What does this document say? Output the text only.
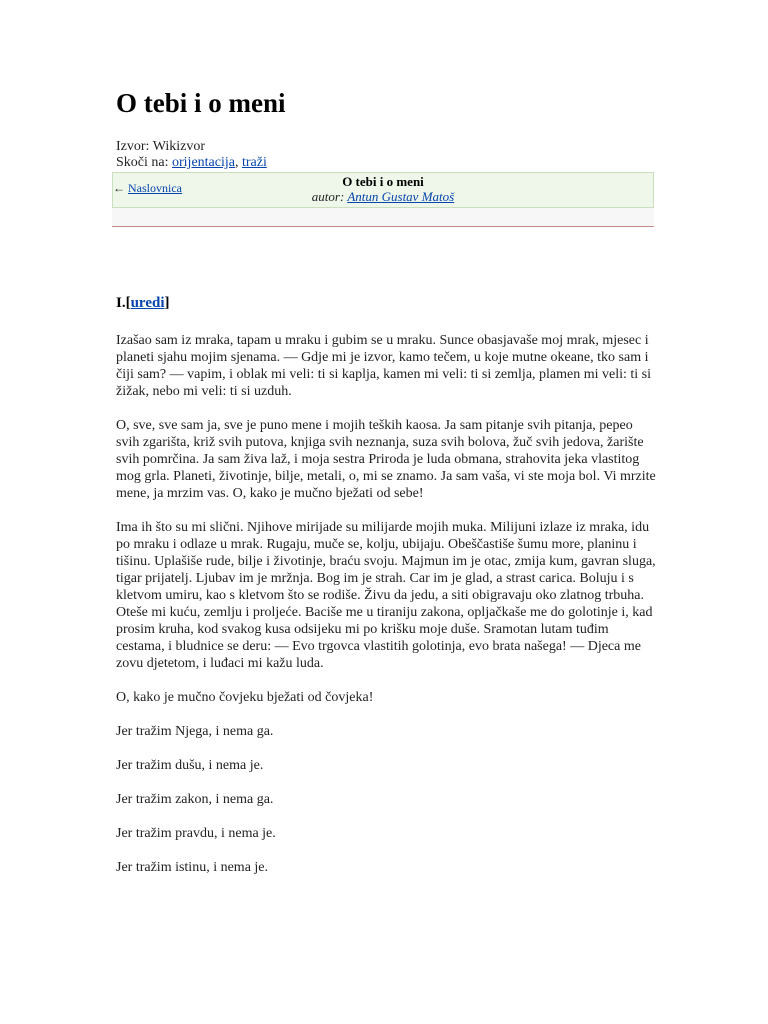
O tebi i o meni
Izvor: Wikizvor
Skoči na: orijentacija, traži
← Naslovnica	O tebi i o meni
autor: Antun Gustav Matoš
I.[uredi]

Izašao sam iz mraka, tapam u mraku i gubim se u mraku. Sunce obasjavaše moj mrak, mjesec i planeti sjahu mojim sjenama. — Gdje mi je izvor, kamo tečem, u koje mutne okeane, tko sam i čiji sam? — vapim, i oblak mi veli: ti si kaplja, kamen mi veli: ti si zemlja, plamen mi veli: ti si žižak, nebo mi veli: ti si uzduh.

O, sve, sve sam ja, sve je puno mene i mojih teških kaosa. Ja sam pitanje svih pitanja, pepeo svih zgarišta, križ svih putova, knjiga svih neznanja, suza svih bolova, žuč svih jedova, žarište svih pomrčina. Ja sam živa laž, i moja sestra Priroda je luda obmana, strahovita jeka vlastitog mog grla. Planeti, životinje, bilje, metali, o, mi se znamo. Ja sam vaša, vi ste moja bol. Vi mrzite mene, ja mrzim vas. O, kako je mučno bježati od sebe!

Ima ih što su mi slični. Njihove mirijade su milijarde mojih muka. Milijuni izlaze iz mraka, idu po mraku i odlaze u mrak. Rugaju, muče se, kolju, ubijaju. Obeščastiše šumu more, planinu i tišinu. Uplašiše rude, bilje i životinje, braću svoju. Majmun im je otac, zmija kum, gavran sluga, tigar prijatelj. Ljubav im je mržnja. Bog im je strah. Car im je glad, a strast carica. Boluju i s kletvom umiru, kao s kletvom što se rodiše. Živu da jedu, a siti obigravaju oko zlatnog trbuha. Oteše mi kuću, zemlju i proljeće. Baciše me u tiraniju zakona, opljačkaše me do golotinje i, kad prosim kruha, kod svakog kusa odsijeku mi po krišku moje duše. Sramotan lutam tuđim cestama, i bludnice se deru: — Evo trgovca vlastitih golotinja, evo brata našega! — Djeca me zovu djetetom, i luđaci mi kažu luda.

O, kako je mučno čovjeku bježati od čovjeka!

Jer tražim Njega, i nema ga.

Jer tražim dušu, i nema je.

Jer tražim zakon, i nema ga.

Jer tražim pravdu, i nema je.

Jer tražim istinu, i nema je.
